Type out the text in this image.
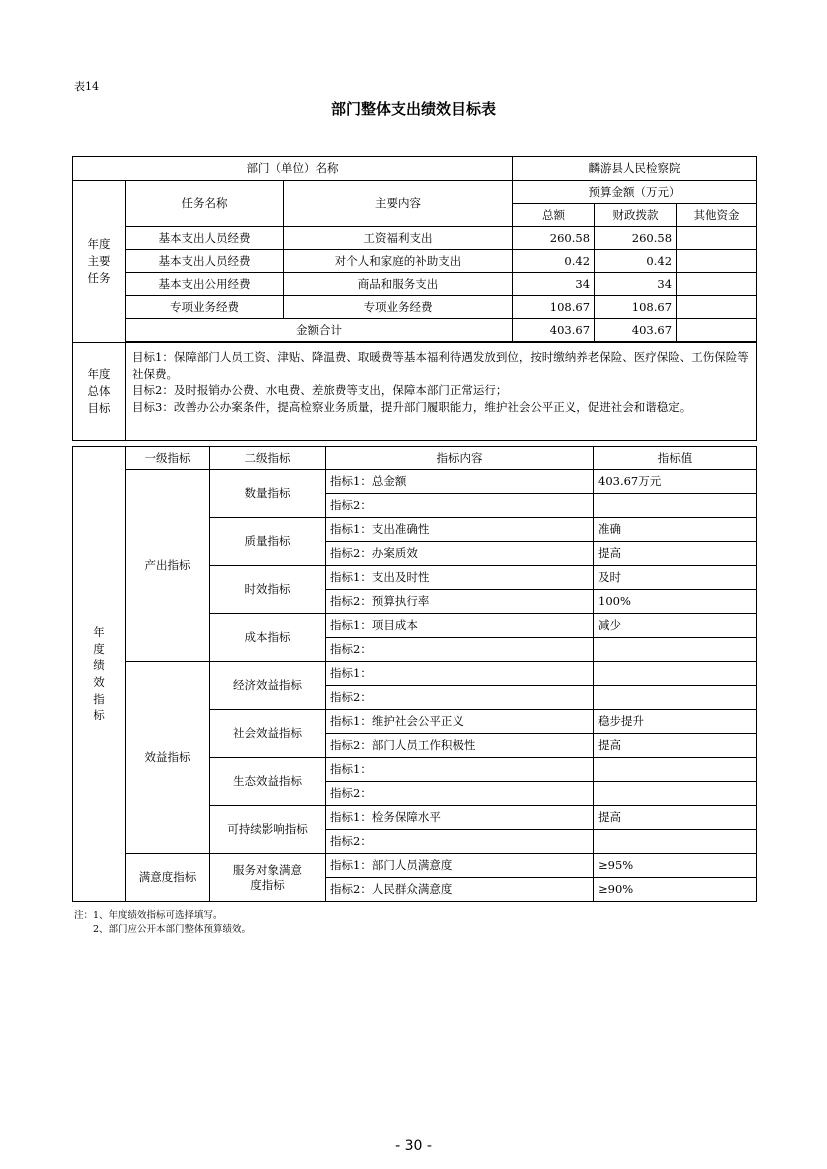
表14
部门整体支出绩效目标表
部门（单位）名称			麟游县人民检察院		

年度主要任务	任务名称	主要内容	预算金额（万元）		
			总额	财政拨款	其他资金
	基本支出人员经费	工资福利支出	260.58	260.58	
	基本支出人员经费	对个人和家庭的补助支出	0.42	0.42	
	基本支出公用经费	商品和服务支出	34	34	
	专项业务经费	专项业务经费	108.67	108.67	
	金额合计		403.67	403.67	

年度总体目标	目标1：保障部门人员工资、津贴、降温费、取暖费等基本福利待遇发放到位，按时缴纳养老保险、医疗保险、工伤保险等社保费。
目标2：及时报销办公费、水电费、差旅费等支出，保障本部门正常运行；
目标3：改善办公办案条件，提高检察业务质量，提升部门履职能力，维护社会公平正义，促进社会和谐稳定。				
年度绩效指标	一级指标	二级指标	指标内容	指标值
	产出指标	数量指标	指标1：总金额	403.67万元
			指标2：	
		质量指标	指标1：支出准确性	准确
			指标2：办案质效	提高
		时效指标	指标1：支出及时性	及时
			指标2：预算执行率	100%
		成本指标	指标1：项目成本	减少
			指标2：	
	效益指标	经济效益指标	指标1：	
			指标2：	
		社会效益指标	指标1：维护社会公平正义	稳步提升
			指标2：部门人员工作积极性	提高
		生态效益指标	指标1：	
			指标2：	
		可持续影响指标	指标1：检务保障水平	提高
			指标2：	
	满意度指标	服务对象满意度指标	指标1：部门人员满意度	≥95%
			指标2：人民群众满意度	≥90%
注：1、年度绩效指标可选择填写。
2、部门应公开本部门整体预算绩效。
- 30 -
